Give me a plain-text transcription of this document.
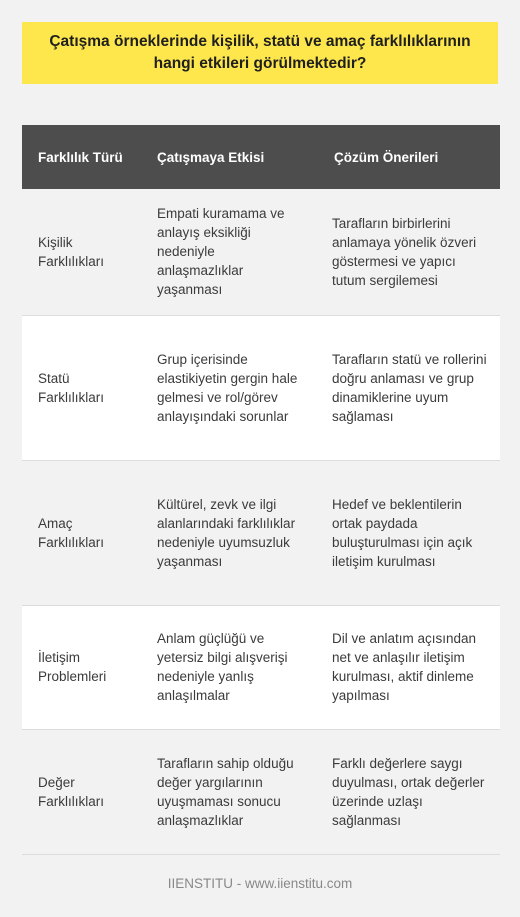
Çatışma örneklerinde kişilik, statü ve amaç farklılıklarının hangi etkileri görülmektedir?
Farklılık Türü	Çatışmaya Etkisi	Çözüm Önerileri
Kişilik Farklılıkları	Empati kuramama ve anlayış eksikliği nedeniyle anlaşmazlıklar yaşanması	Tarafların birbirlerini anlamaya yönelik özveri göstermesi ve yapıcı tutum sergilemesi
Statü Farklılıkları	Grup içerisinde elastikiyetin gergin hale gelmesi ve rol/görev anlayışındaki sorunlar	Tarafların statü ve rollerini doğru anlaması ve grup dinamiklerine uyum sağlaması
Amaç Farklılıkları	Kültürel, zevk ve ilgi alanlarındaki farklılıklar nedeniyle uyumsuzluk yaşanması	Hedef ve beklentilerin ortak paydada buluşturulması için açık iletişim kurulması
İletişim Problemleri	Anlam güçlüğü ve yetersiz bilgi alışverişi nedeniyle yanlış anlaşılmalar	Dil ve anlatım açısından net ve anlaşılır iletişim kurulması, aktif dinleme yapılması
Değer Farklılıkları	Tarafların sahip olduğu değer yargılarının uyuşmaması sonucu anlaşmazlıklar	Farklı değerlere saygı duyulması, ortak değerler üzerinde uzlaşı sağlanması
IIENSTITU - www.iienstitu.com
